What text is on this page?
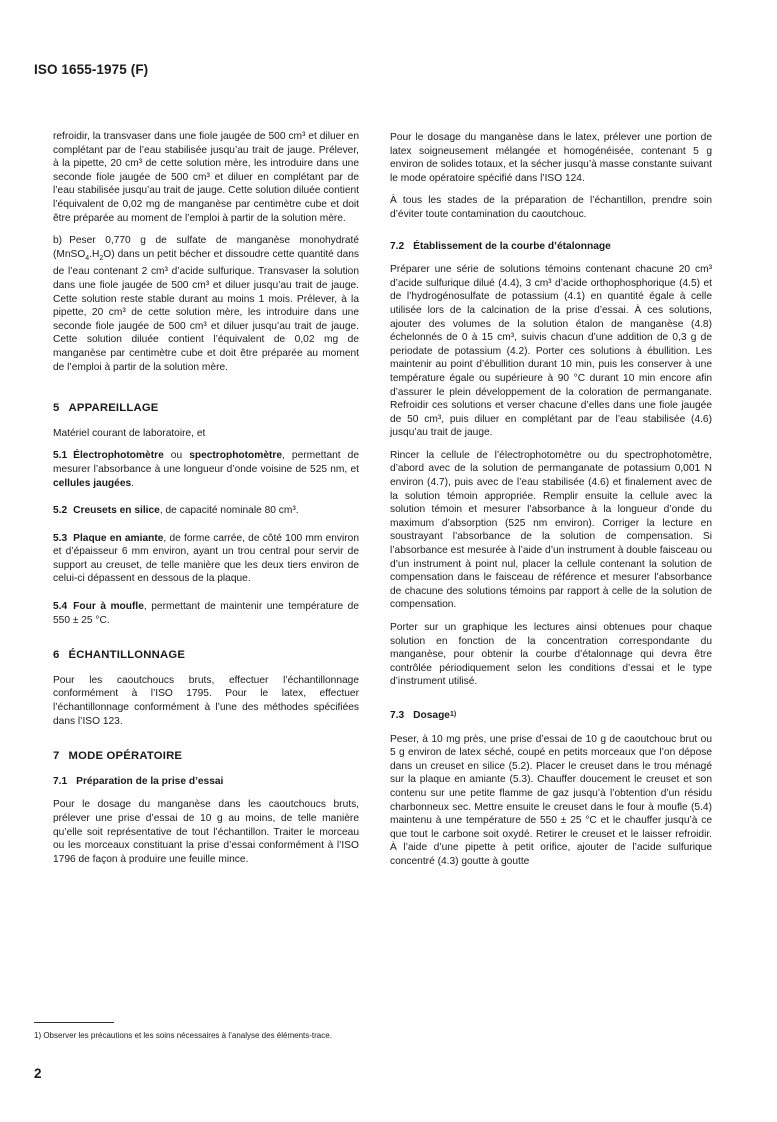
ISO 1655-1975 (F)

refroidir, la transvaser dans une fiole jaugée de 500 cm³ et diluer en complétant par de l’eau stabilisée jusqu’au trait de jauge. Prélever, à la pipette, 20 cm³ de cette solution mère, les introduire dans une seconde fiole jaugée de 500 cm³ et diluer en complétant par de l’eau stabilisée jusqu’au trait de jauge. Cette solution diluée contient l’équivalent de 0,02 mg de manganèse par centimètre cube et doit être préparée au moment de l’emploi à partir de la solution mère.

b) Peser 0,770 g de sulfate de manganèse monohydraté $(MnSO_4.H_2O)$ dans un petit bécher et dissoudre cette quantité dans de l’eau contenant 2 cm³ d’acide sulfurique. Transvaser la solution dans une fiole jaugée de 500 cm³ et diluer jusqu’au trait de jauge. Cette solution reste stable durant au moins 1 mois. Prélever, à la pipette, 20 cm³ de cette solution mère, les introduire dans une seconde fiole jaugée de 500 cm³ et diluer jusqu’au trait de jauge. Cette solution diluée contient l’équivalent de 0,02 mg de manganèse par centimètre cube et doit être préparée au moment de l’emploi à partir de la solution mère.

5 APPAREILLAGE

Matériel courant de laboratoire, et

5.1 Électrophotomètre ou spectrophotomètre, permettant de mesurer l’absorbance à une longueur d’onde voisine de 525 nm, et cellules jaugées.

5.2 Creusets en silice, de capacité nominale 80 cm³.

5.3 Plaque en amiante, de forme carrée, de côté 100 mm environ et d’épaisseur 6 mm environ, ayant un trou central pour servir de support au creuset, de telle manière que les deux tiers environ de celui-ci dépassent en dessous de la plaque.

5.4 Four à moufle, permettant de maintenir une température de 550 ± 25 °C.

6 ÉCHANTILLONNAGE

Pour les caoutchoucs bruts, effectuer l’échantillonnage conformément à l’ISO 1795. Pour le latex, effectuer l’échantillonnage conformément à l’une des méthodes spécifiées dans l’ISO 123.

7 MODE OPÉRATOIRE
7.1 Préparation de la prise d’essai

Pour le dosage du manganèse dans les caoutchoucs bruts, prélever une prise d’essai de 10 g au moins, de telle manière qu’elle soit représentative de tout l’échantillon. Traiter le morceau ou les morceaux constituant la prise d’essai conformément à l’ISO 1796 de façon à produire une feuille mince.

Pour le dosage du manganèse dans le latex, prélever une portion de latex soigneusement mélangée et homogénéisée, contenant 5 g environ de solides totaux, et la sécher jusqu’à masse constante suivant le mode opératoire spécifié dans l’ISO 124.

À tous les stades de la préparation de l’échantillon, prendre soin d’éviter toute contamination du caoutchouc.

7.2 Établissement de la courbe d’étalonnage

Préparer une série de solutions témoins contenant chacune 20 cm³ d’acide sulfurique dilué (4.4), 3 cm³ d’acide orthophosphorique (4.5) et de l’hydrogénosulfate de potassium (4.1) en quantité égale à celle utilisée lors de la calcination de la prise d’essai. À ces solutions, ajouter des volumes de la solution étalon de manganèse (4.8) échelonnés de 0 à 15 cm³, suivis chacun d’une addition de 0,3 g de periodate de potassium (4.2). Porter ces solutions à ébullition. Les maintenir au point d’ébullition durant 10 min, puis les conserver à une température égale ou supérieure à 90 °C durant 10 min encore afin d’assurer le plein développement de la coloration de permanganate. Refroidir ces solutions et verser chacune d’elles dans une fiole jaugée de 50 cm³, puis diluer en complétant par de l’eau stabilisée (4.6) jusqu’au trait de jauge.

Rincer la cellule de l’électrophotomètre ou du spectrophotomètre, d’abord avec de la solution de permanganate de potassium 0,001 N environ (4.7), puis avec de l’eau stabilisée (4.6) et finalement avec de la solution témoin appropriée. Remplir ensuite la cellule avec la solution témoin et mesurer l’absorbance à la longueur d’onde du maximum d’absorption (525 nm environ). Corriger la lecture en soustrayant l’absorbance de la solution de compensation. Si l’absorbance est mesurée à l’aide d’un instrument à double faisceau ou d’un instrument à point nul, placer la cellule contenant la solution de compensation dans le faisceau de référence et mesurer l’absorbance de chacune des solutions témoins par rapport à celle de la solution de compensation.

Porter sur un graphique les lectures ainsi obtenues pour chaque solution en fonction de la concentration correspondante du manganèse, pour obtenir la courbe d’étalonnage qui devra être contrôlée périodiquement selon les conditions d’essai et le type d’instrument utilisé.

7.3 Dosage$^{1)}$

Peser, à 10 mg près, une prise d’essai de 10 g de caoutchouc brut ou 5 g environ de latex séché, coupé en petits morceaux que l’on dépose dans un creuset en silice (5.2). Placer le creuset dans le trou ménagé sur la plaque en amiante (5.3). Chauffer doucement le creuset et son contenu sur une petite flamme de gaz jusqu’à l’obtention d’un résidu charbonneux sec. Mettre ensuite le creuset dans le four à moufle (5.4) maintenu à une température de 550 ± 25 °C et le chauffer jusqu’à ce que tout le carbone soit oxydé. Retirer le creuset et le laisser refroidir. À l’aide d’une pipette à petit orifice, ajouter de l’acide sulfurique concentré (4.3) goutte à goutte

1) Observer les précautions et les soins nécessaires à l’analyse des éléments-trace.
2
